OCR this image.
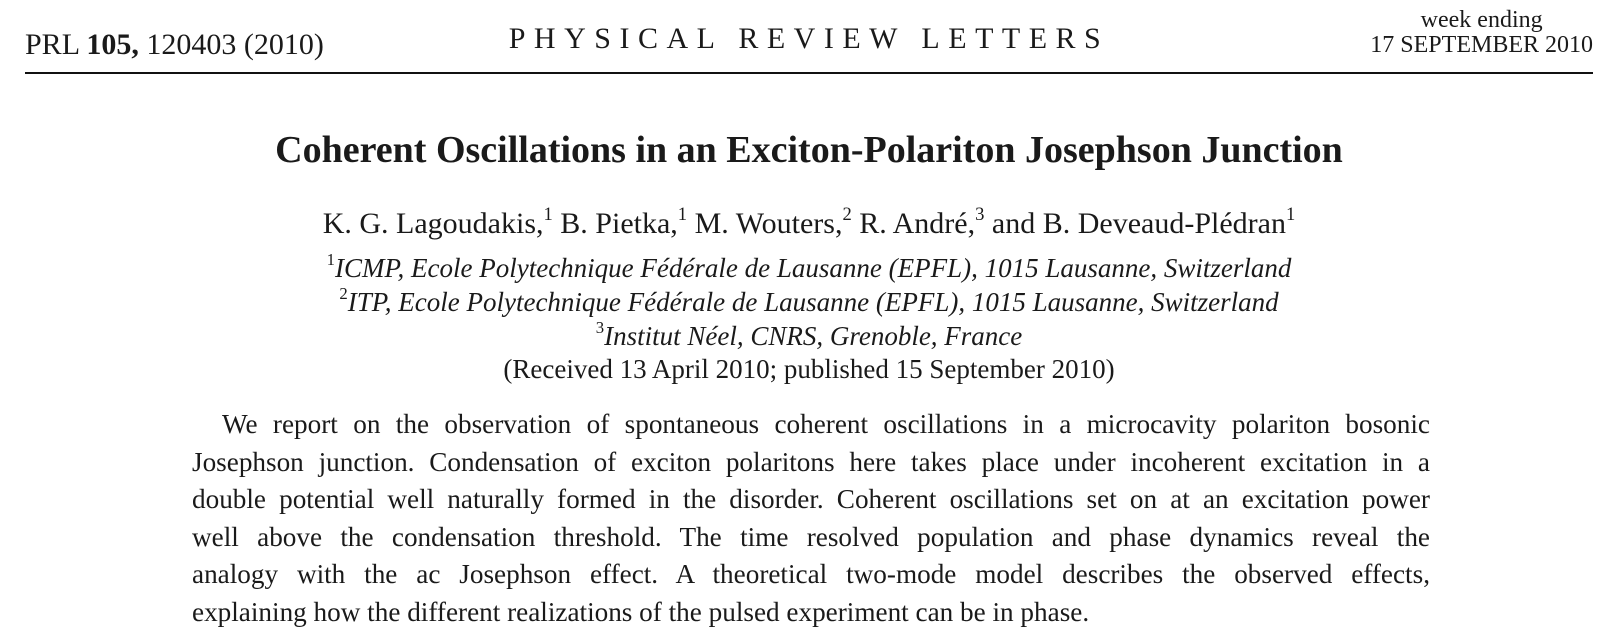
PRL 105, 120403 (2010)	PHYSICAL REVIEW LETTERS
week ending
17 SEPTEMBER 2010
Coherent Oscillations in an Exciton-Polariton Josephson Junction
K. G. Lagoudakis,$^1$ B. Pietka,$^1$ M. Wouters,$^2$ R. André,$^3$ and B. Deveaud-Plédran$^1$
$^1$ICMP, Ecole Polytechnique Fédérale de Lausanne (EPFL), 1015 Lausanne, Switzerland
$^2$ITP, Ecole Polytechnique Fédérale de Lausanne (EPFL), 1015 Lausanne, Switzerland
$^3$Institut Néel, CNRS, Grenoble, France
(Received 13 April 2010; published 15 September 2010)
We report on the observation of spontaneous coherent oscillations in a microcavity polariton bosonic
Josephson junction. Condensation of exciton polaritons here takes place under incoherent excitation in a
double potential well naturally formed in the disorder. Coherent oscillations set on at an excitation power
well above the condensation threshold. The time resolved population and phase dynamics reveal the
analogy with the ac Josephson effect. A theoretical two-mode model describes the observed effects,
explaining how the different realizations of the pulsed experiment can be in phase.
